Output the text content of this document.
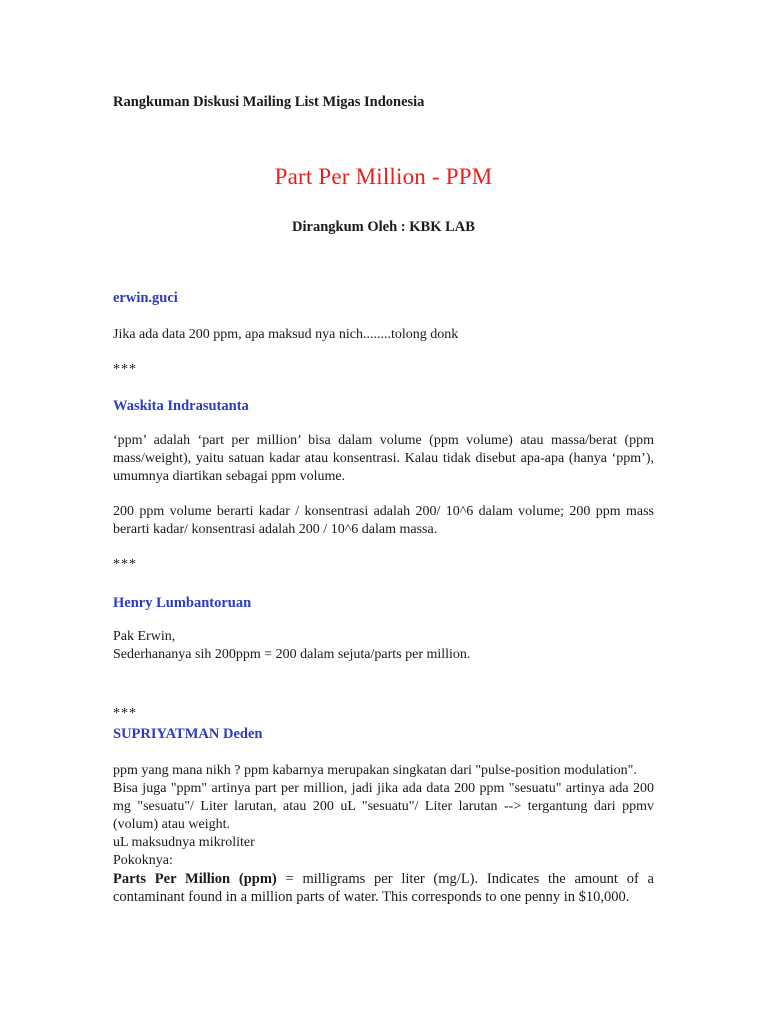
Rangkuman Diskusi Mailing List Migas Indonesia
Part Per Million - PPM
Dirangkum Oleh : KBK LAB
erwin.guci
Jika ada data 200 ppm, apa maksud nya nich........tolong donk
***
Waskita Indrasutanta
‘ppm’ adalah ‘part per million’ bisa dalam volume (ppm volume) atau massa/berat (ppm mass/weight), yaitu satuan kadar atau konsentrasi. Kalau tidak disebut apa-apa (hanya ‘ppm’), umumnya diartikan sebagai ppm volume.
200 ppm volume berarti kadar / konsentrasi adalah 200/ 10^6 dalam volume; 200 ppm mass berarti kadar/ konsentrasi adalah 200 / 10^6 dalam massa.
***
Henry Lumbantoruan
Pak Erwin,
Sederhananya sih 200ppm = 200 dalam sejuta/parts per million.
***
SUPRIYATMAN Deden
ppm yang mana nikh ? ppm kabarnya merupakan singkatan dari "pulse-position modulation".
Bisa juga "ppm" artinya part per million, jadi jika ada data 200 ppm "sesuatu" artinya ada 200 mg "sesuatu"/ Liter larutan, atau 200 uL "sesuatu"/ Liter larutan --> tergantung dari ppmv (volum) atau weight.
uL maksudnya mikroliter
Pokoknya:
Parts Per Million (ppm) = milligrams per liter (mg/L). Indicates the amount of a contaminant found in a million parts of water. This corresponds to one penny in $10,000.
